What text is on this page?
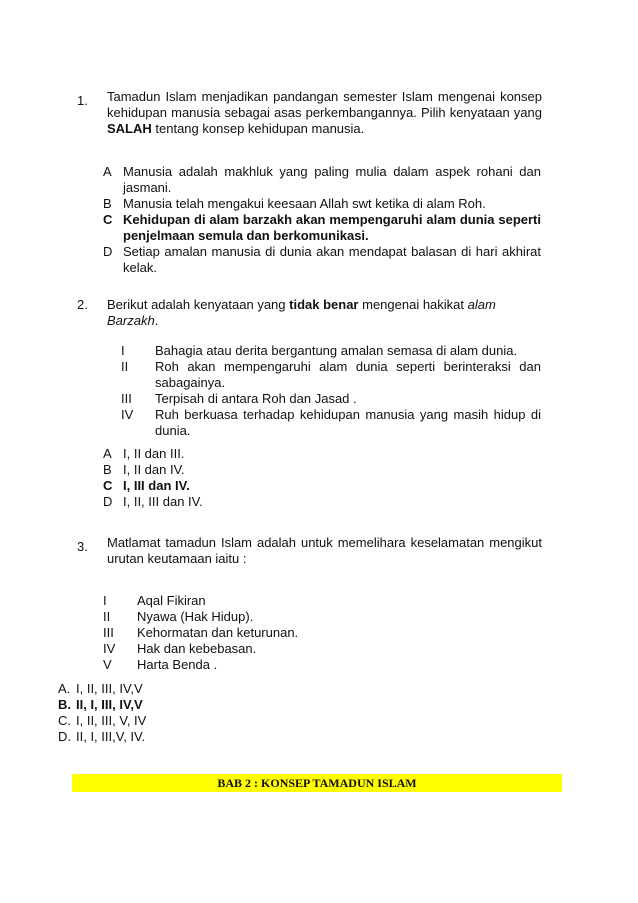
1. Tamadun Islam menjadikan pandangan semester Islam mengenai konsep kehidupan manusia sebagai asas perkembangannya. Pilih kenyataan yang SALAH tentang konsep kehidupan manusia.
A Manusia adalah makhluk yang paling mulia dalam aspek rohani dan jasmani.
B Manusia telah mengakui keesaan Allah swt ketika di alam Roh.
C Kehidupan di alam barzakh akan mempengaruhi alam dunia seperti penjelmaan semula dan berkomunikasi.
D Setiap amalan manusia di dunia akan mendapat balasan di hari akhirat kelak.
2. Berikut adalah kenyataan yang tidak benar mengenai hakikat alam Barzakh.
I Bahagia atau derita bergantung amalan semasa di alam dunia.
II Roh akan mempengaruhi alam dunia seperti berinteraksi dan sabagainya.
III Terpisah di antara Roh dan Jasad .
IV Ruh berkuasa terhadap kehidupan manusia yang masih hidup di dunia.
A I, II dan III.
B I, II dan IV.
C I, III dan IV.
D I, II, III dan IV.
3. Matlamat tamadun Islam adalah untuk memelihara keselamatan mengikut urutan keutamaan iaitu :
I Aqal Fikiran
II Nyawa (Hak Hidup).
III Kehormatan dan keturunan.
IV Hak dan kebebasan.
V Harta Benda .
A. I, II, III, IV,V
B. II, I, III, IV,V
C. I, II, III, V, IV
D. II, I, III,V, IV.
BAB 2 : KONSEP TAMADUN ISLAM
